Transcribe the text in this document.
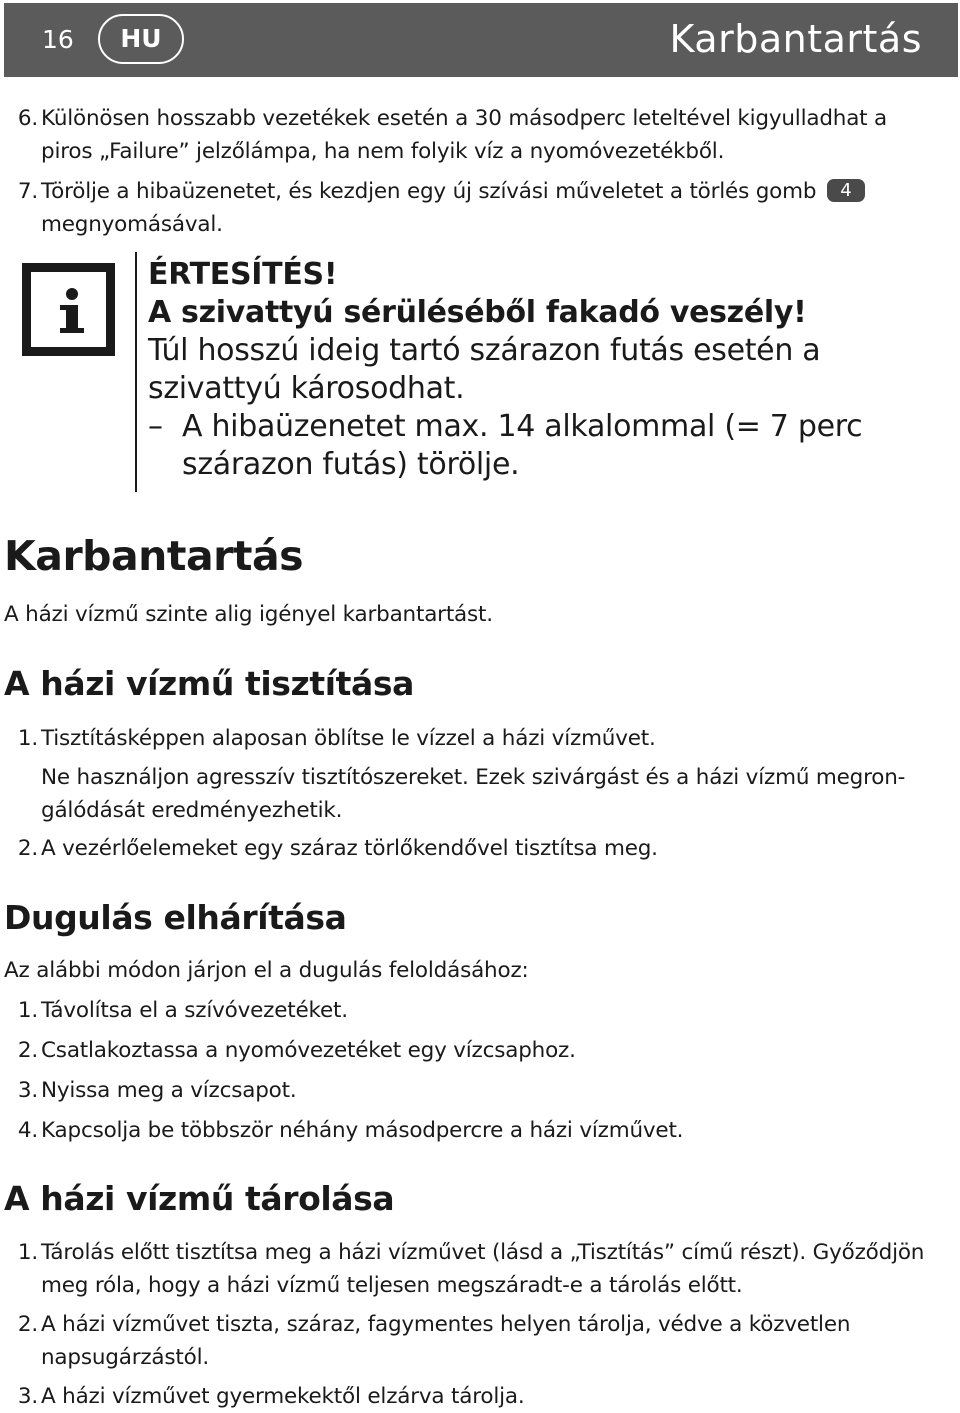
16	HU	Karbantartás
6. Különösen hosszabb vezetékek esetén a 30 másodperc leteltével kigyulladhat a piros „Failure” jelzőlámpa, ha nem folyik víz a nyomóvezetékből.
7. Törölje a hibaüzenetet, és kezdjen egy új szívási műveletet a törlés gomb 4
megnyomásával.
ÉRTESÍTÉS!
A szivattyú sérüléséből fakadó veszély!
Túl hosszú ideig tartó szárazon futás esetén a szivattyú károsodhat.
– A hibaüzenetet max. 14 alkalommal (= 7 perc szárazon futás) törölje.
Karbantartás
A házi vízmű szinte alig igényel karbantartást.
A házi vízmű tisztítása
1. Tisztításképpen alaposan öblítse le vízzel a házi vízművet.
Ne használjon agresszív tisztítószereket. Ezek szivárgást és a házi vízmű megron-gálódását eredményezhetik.
2. A vezérlőelemeket egy száraz törlőkendővel tisztítsa meg.
Dugulás elhárítása
Az alábbi módon járjon el a dugulás feloldásához:
1. Távolítsa el a szívóvezetéket.
2. Csatlakoztassa a nyomóvezetéket egy vízcsaphoz.
3. Nyissa meg a vízcsapot.
4. Kapcsolja be többször néhány másodpercre a házi vízművet.
A házi vízmű tárolása
1. Tárolás előtt tisztítsa meg a házi vízművet (lásd a „Tisztítás” című részt). Győződjön meg róla, hogy a házi vízmű teljesen megszáradt-e a tárolás előtt.
2. A házi vízművet tiszta, száraz, fagymentes helyen tárolja, védve a közvetlen napsugárzástól.
3. A házi vízművet gyermekektől elzárva tárolja.
